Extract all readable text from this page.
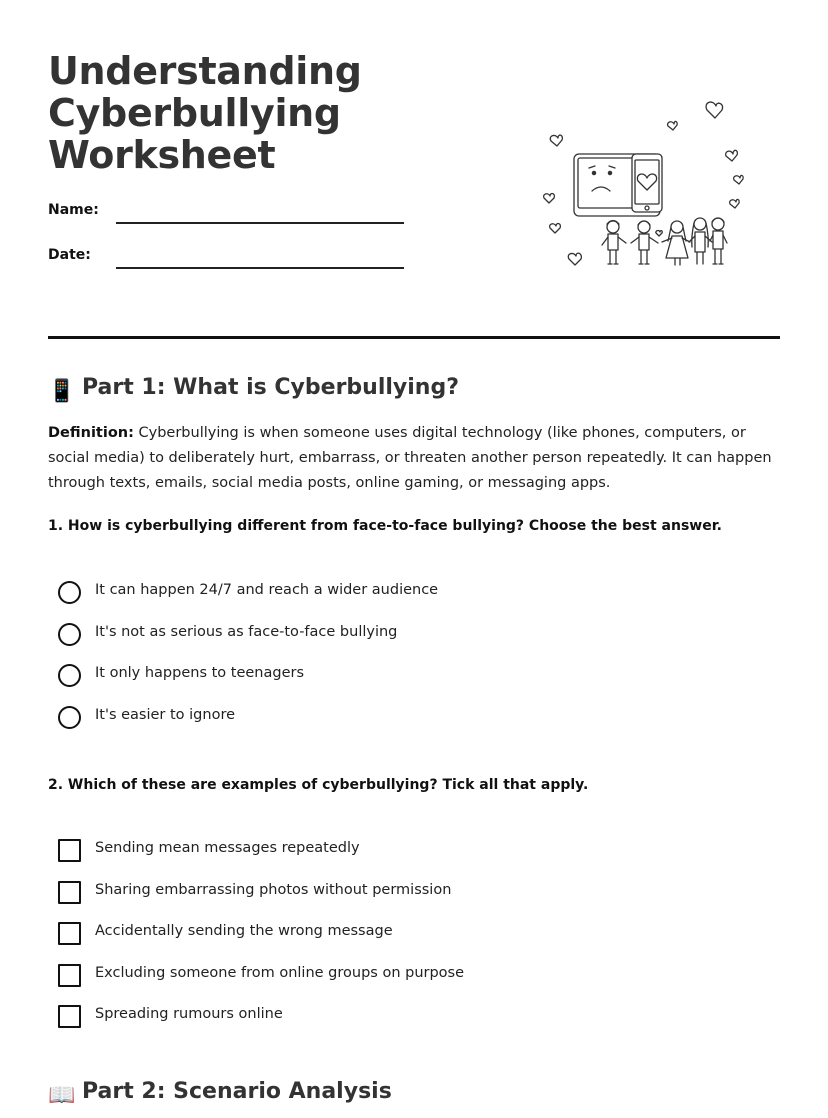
Understanding
Cyberbullying
Worksheet
Name:
Date:
📱 Part 1: What is Cyberbullying?

Definition: Cyberbullying is when someone uses digital technology (like phones, computers, or social media) to deliberately hurt, embarrass, or threaten another person repeatedly. It can happen through texts, emails, social media posts, online gaming, or messaging apps.

1. How is cyberbullying different from face-to-face bullying? Choose the best answer.
It can happen 24/7 and reach a wider audience
It's not as serious as face-to-face bullying
It only happens to teenagers
It's easier to ignore
2. Which of these are examples of cyberbullying? Tick all that apply.
Sending mean messages repeatedly
Sharing embarrassing photos without permission
Accidentally sending the wrong message
Excluding someone from online groups on purpose
Spreading rumours online
📖 Part 2: Scenario Analysis
